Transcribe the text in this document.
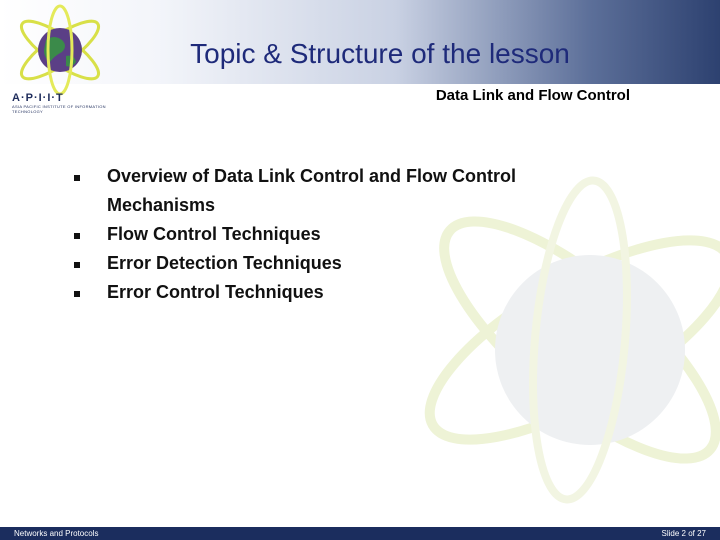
A·P·I·I·T
ASIA PACIFIC INSTITUTE OF INFORMATION TECHNOLOGY
Topic & Structure of the lesson
Data Link and Flow Control
Overview of Data Link Control and Flow Control Mechanisms
Flow Control Techniques
Error Detection Techniques
Error Control Techniques
Networks and Protocols	Slide 2 of 27
